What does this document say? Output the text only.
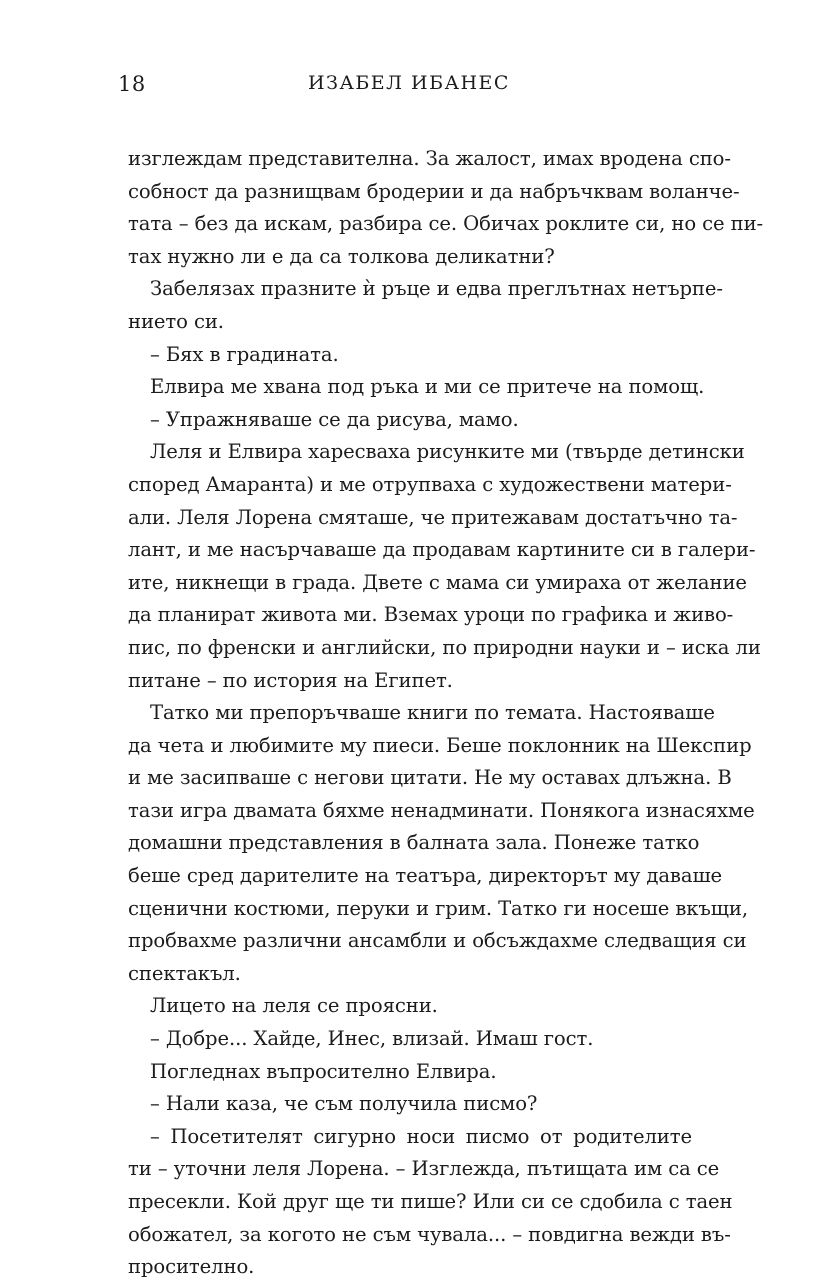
18	ИЗАБЕЛ ИБАНЕС
изглеждам представителна. За жалост, имах вродена спо-
собност да разнищвам бродерии и да набръчквам воланче-
тата – без да искам, разбира се. Обичах роклите си, но се пи-
тах нужно ли е да са толкова деликатни?
Забелязах празните ѝ ръце и едва преглътнах нетърпе-
нието си.
– Бях в градината.
Елвира ме хвана под ръка и ми се притече на помощ.
– Упражняваше се да рисува, мамо.
Леля и Елвира харесваха рисунките ми (твърде детински
според Амаранта) и ме отрупваха с художествени матери-
али. Леля Лорена смяташе, че притежавам достатъчно та-
лант, и ме насърчаваше да продавам картините си в галери-
ите, никнещи в града. Двете с мама си умираха от желание
да планират живота ми. Вземах уроци по графика и живо-
пис, по френски и английски, по природни науки и – иска ли
питане – по история на Египет.
Татко ми препоръчваше книги по темата. Настояваше
да чета и любимите му пиеси. Беше поклонник на Шекспир
и ме засипваше с негови цитати. Не му оставах длъжна. В
тази игра двамата бяхме ненадминати. Понякога изнасяхме
домашни представления в балната зала. Понеже татко
беше сред дарителите на театъра, директорът му даваше
сценични костюми, перуки и грим. Татко ги носеше вкъщи,
пробвахме различни ансамбли и обсъждахме следващия си
спектакъл.
Лицето на леля се проясни.
– Добре... Хайде, Инес, влизай. Имаш гост.
Погледнах въпросително Елвира.
– Нали каза, че съм получила писмо?
– Посетителят сигурно носи писмо от родителите
ти – уточни леля Лорена. – Изглежда, пътищата им са се
пресекли. Кой друг ще ти пише? Или си се сдобила с таен
обожател, за когото не съм чувала... – повдигна вежди въ-
просително.
